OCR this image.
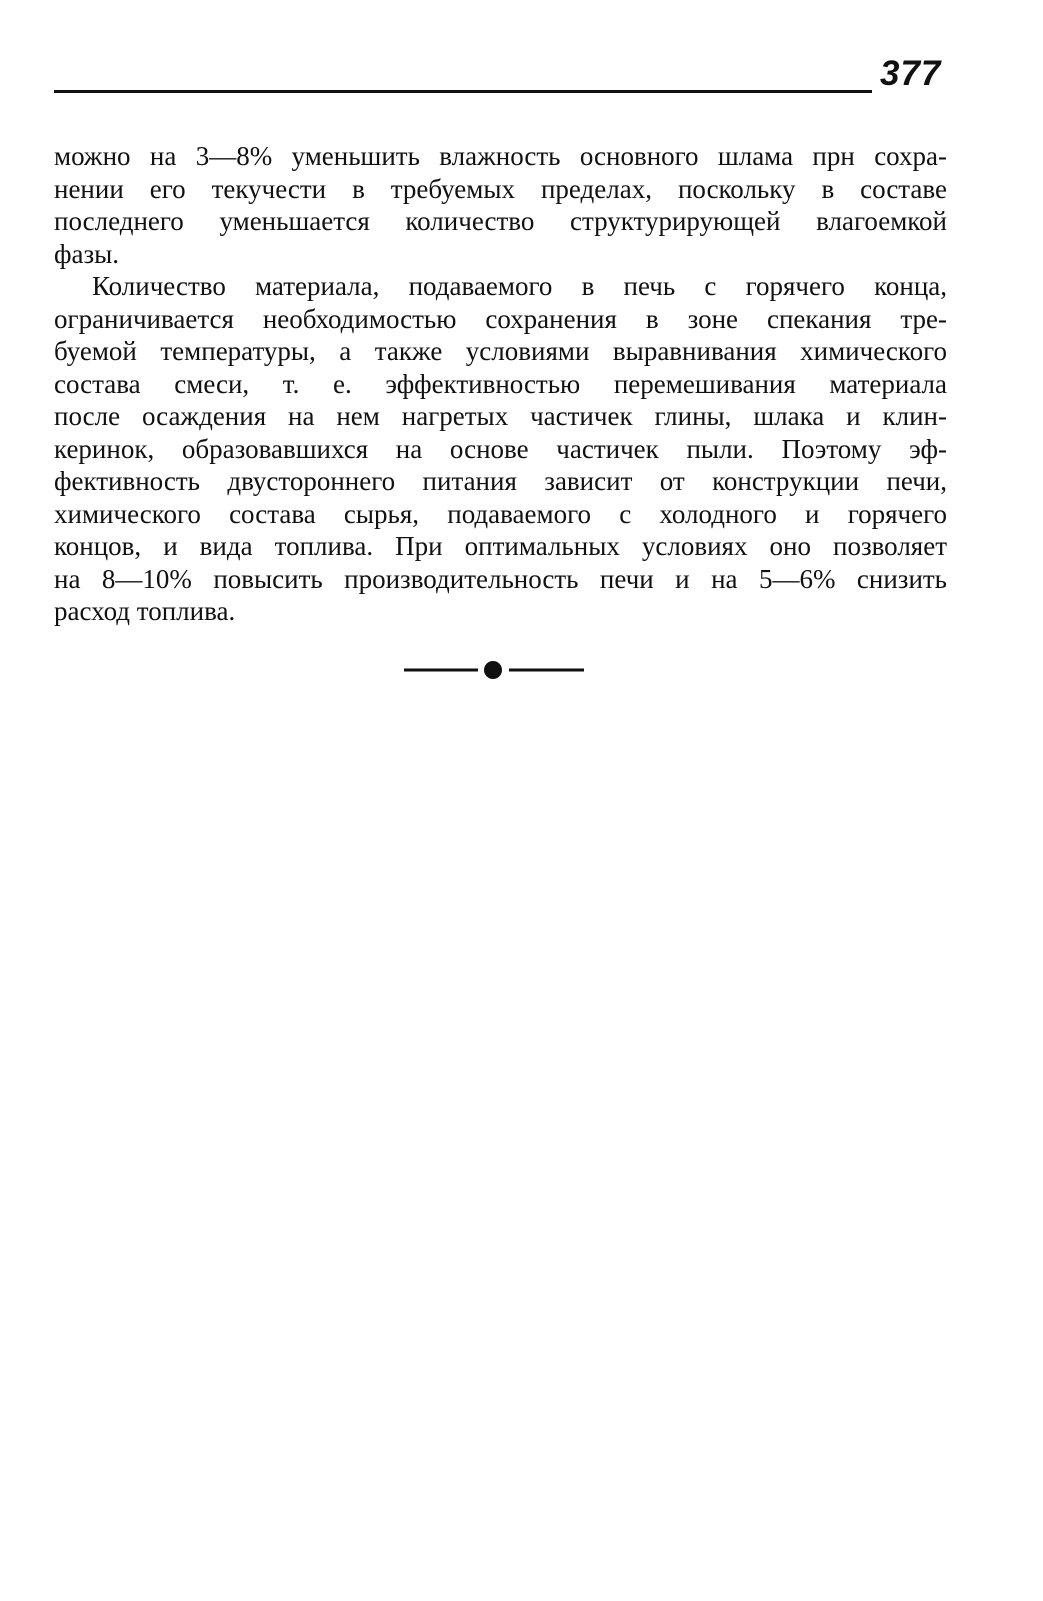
377
можно на 3—8% уменьшить влажность основного шлама прн сохра-
нении его текучести в требуемых пределах, поскольку в составе
последнего уменьшается количество структурирующей влагоемкой
фазы.
Количество материала, подаваемого в печь с горячего конца,
ограничивается необходимостью сохранения в зоне спекания тре-
буемой температуры, а также условиями выравнивания химического
состава смеси, т. е. эффективностью перемешивания материала
после осаждения на нем нагретых частичек глины, шлака и клин-
керинок, образовавшихся на основе частичек пыли. Поэтому эф-
фективность двустороннего питания зависит от конструкции печи,
химического состава сырья, подаваемого с холодного и горячего
концов, и вида топлива. При оптимальных условиях оно позволяет
на 8—10% повысить производительность печи и на 5—6% снизить
расход топлива.
